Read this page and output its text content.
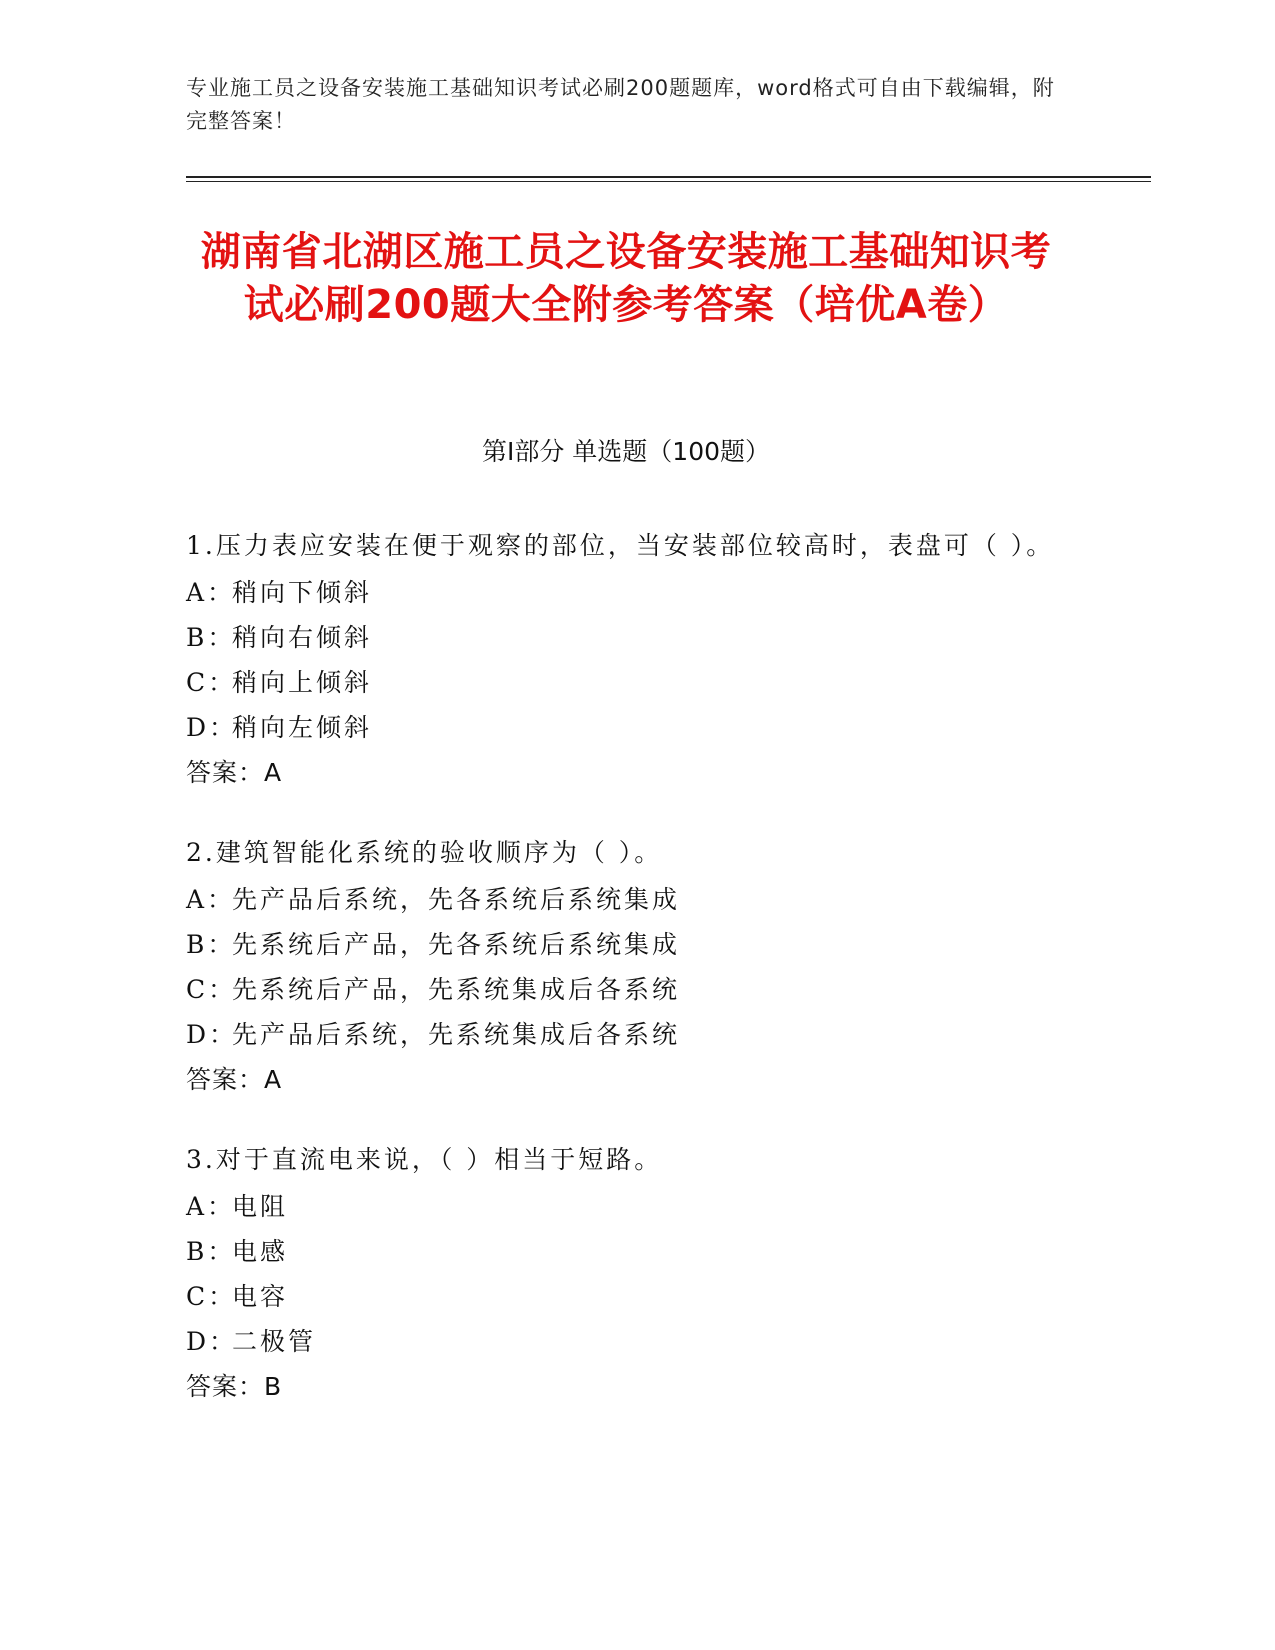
专业施工员之设备安装施工基础知识考试必刷200题题库，word格式可自由下载编辑，附完整答案！
湖南省北湖区施工员之设备安装施工基础知识考试必刷200题大全附参考答案（培优A卷）
第I部分 单选题（100题）
1 . 压力表应安装在便于观察的部位，当安装部位较高时，表盘可（ ）。
A：
稍向下倾斜
B：
稍向右倾斜
C：
稍向上倾斜
D：
稍向左倾斜
答案：A
2 . 建筑智能化系统的验收顺序为（ ）。
A：
先产品后系统，先各系统后系统集成
B：
先系统后产品，先各系统后系统集成
C：
先系统后产品，先系统集成后各系统
D：
先产品后系统，先系统集成后各系统
答案：A
3 . 对于直流电来说，（ ）相当于短路。
A：
电阻
B：
电感
C：
电容
D：
二极管
答案：B
